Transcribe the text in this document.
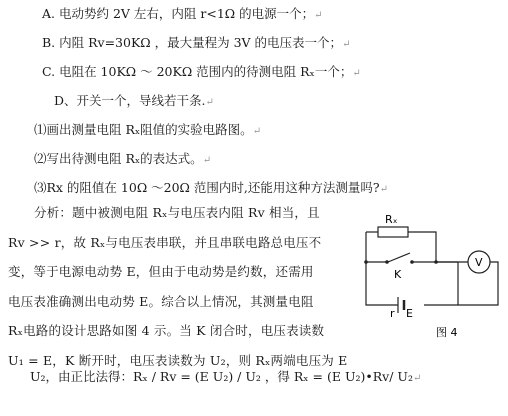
A. 电动势约 2V 左右，内阻 r<1Ω 的电源一个；↵
B. 内阻 Rv=30KΩ ，最大量程为 3V 的电压表一个；↵
C. 电阻在 10KΩ ～ 20KΩ 范围内的待测电阻 Rₓ一个；↵
D、开关一个，导线若干条.↵
⑴画出测量电阻 Rₓ阻值的实验电路图。↵
⑵写出待测电阻 Rₓ的表达式。↵
⑶Rx 的阻值在 10Ω ～20Ω 范围内时,还能用这种方法测量吗?↵
分析：题中被测电阻 Rₓ与电压表内阻 Rv 相当，且
Rv >> r，故 Rₓ与电压表串联，并且串联电路总电压不
变，等于电源电动势 E，但由于电动势是约数，还需用
电压表准确测出电动势 E。综合以上情况，其测量电阻
Rₓ电路的设计思路如图 4 示。当 K 闭合时，电压表读数
U₁ = E，K 断开时，电压表读数为 U₂，则 Rₓ两端电压为 E
U₂，由正比法得：Rₓ / Rv = (E U₂) / U₂ ，得 Rₓ = (E U₂)•Rv/ U₂↵
Rₓ
K
V
r E
图 4
